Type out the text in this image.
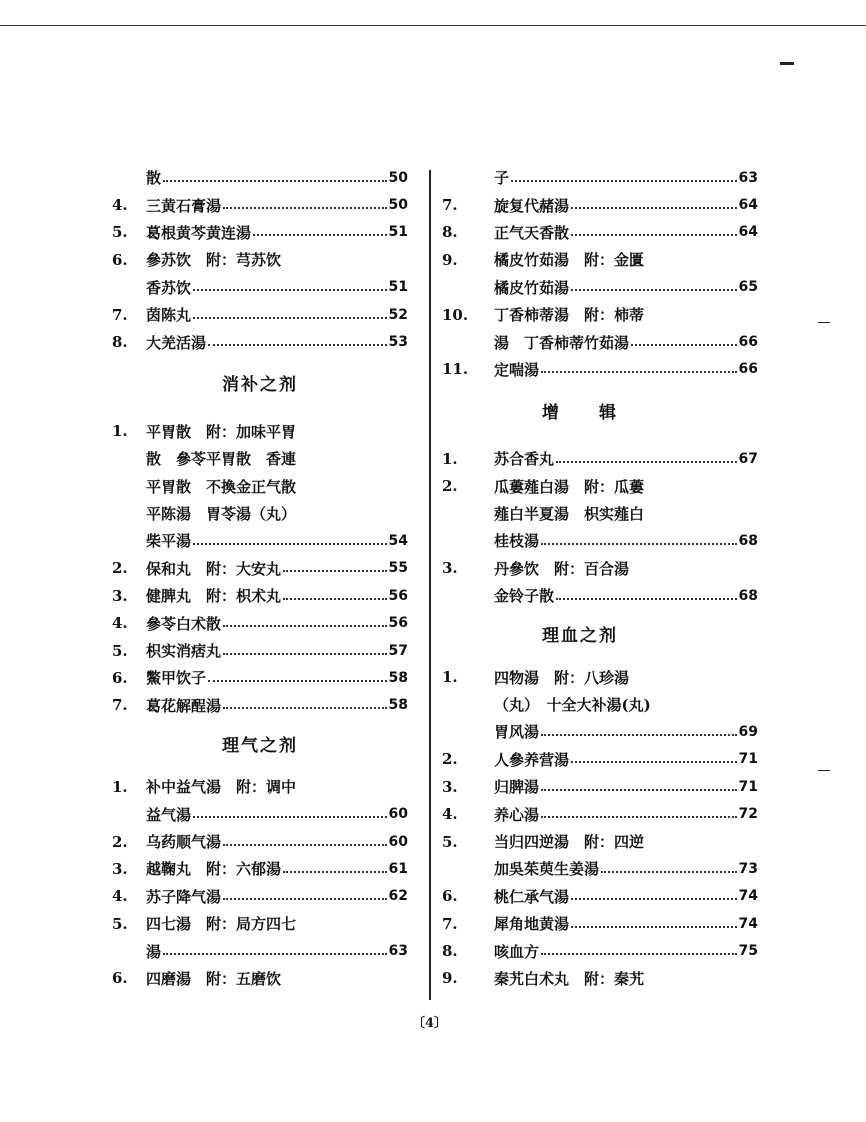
散	50
4.	三黄石膏湯	50
5.	葛根黄芩黄连湯	51
6.	參苏饮　附：芎苏饮
香苏饮	51
7.	茵陈丸	52
8.	大羌活湯	53
消补之剂
1.	平胃散　附：加味平胃
散　參苓平胃散　香連
平胃散　不換金正气散
平陈湯　胃苓湯（丸）
柴平湯	54
2.	保和丸　附：大安丸	55
3.	健脾丸　附：枳术丸	56
4.	參苓白术散	56
5.	枳实消痞丸	57
6.	鱉甲饮子	58
7.	葛花解酲湯	58
理气之剂
1.	补中益气湯　附：调中
益气湯	60
2.	乌药顺气湯	60
3.	越鞠丸　附：六郁湯	61
4.	苏子降气湯	62
5.	四七湯　附：局方四七
湯	63
6.	四磨湯　附：五磨饮
子	63
7.	旋复代赭湯	64
8.	正气天香散	64
9.	橘皮竹茹湯　附：金匱
橘皮竹茹湯	65
10.	丁香柿蒂湯　附：柿蒂
湯　丁香柿蒂竹茹湯	66
11.	定喘湯	66
增　　辑
1.	苏合香丸	67
2.	瓜蔞薤白湯　附：瓜蔞
薤白半夏湯　枳实薤白
桂枝湯	68
3.	丹參饮　附：百合湯
金铃子散	68
理血之剂
1.	四物湯　附：八珍湯
（丸）　十全大补湯(丸)
胃风湯	69
2.	人參养营湯	71
3.	归脾湯	71
4.	养心湯	72
5.	当归四逆湯　附：四逆
加吳茱萸生姜湯	73
6.	桃仁承气湯	74
7.	犀角地黄湯	74
8.	咳血方	75
9.	秦艽白术丸　附：秦艽
〔4〕
